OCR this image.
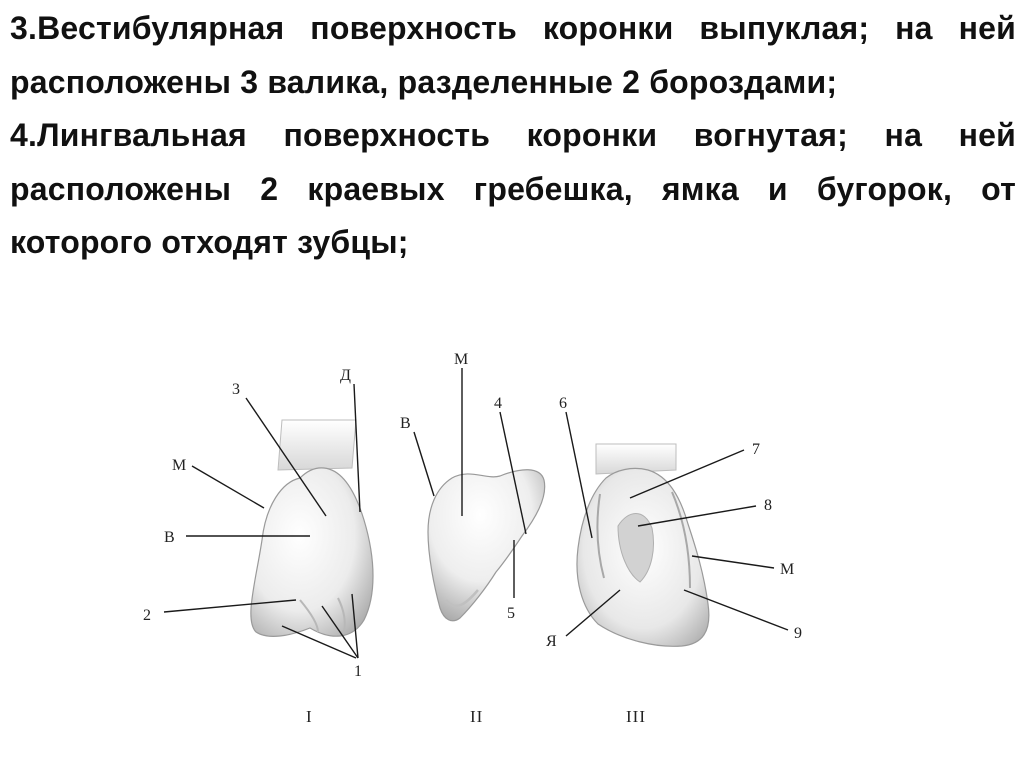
3.Вестибулярная поверхность коронки выпуклая; на ней расположены 3 валика, разделенные 2 бороздами;

4.Лингвальная поверхность коронки вогнутая; на ней расположены 2 краевых гребешка, ямка и бугорок, от которого отходят зубцы;

3
Д
М
В
2
1
М
4
В
5
6
7
8
М
9
Я
I	II	III
